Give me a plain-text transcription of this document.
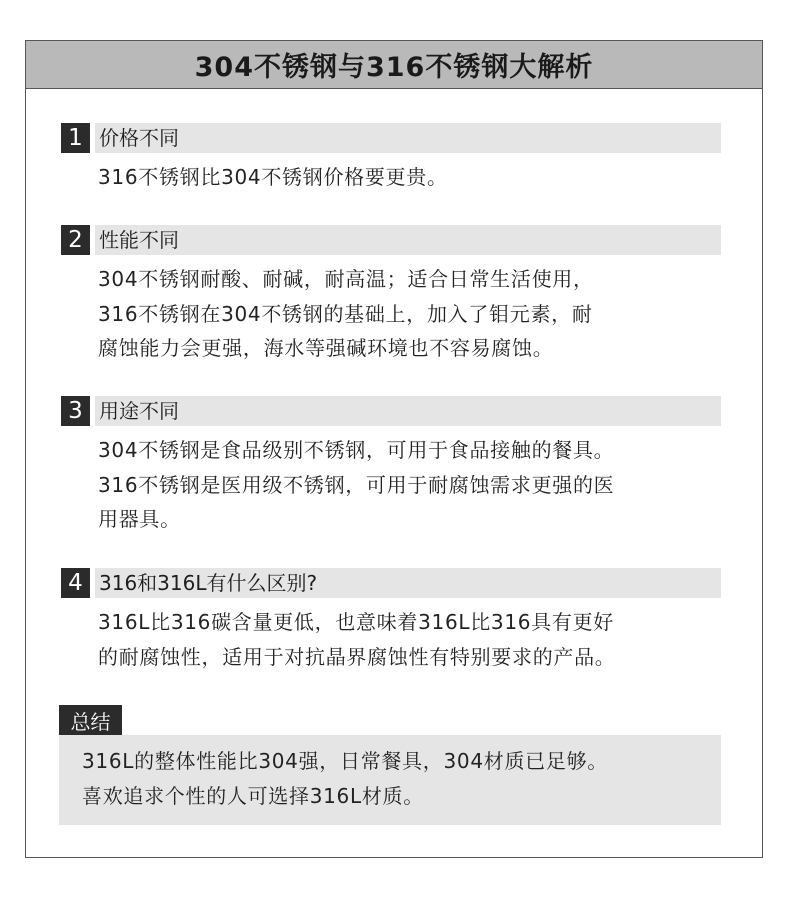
304不锈钢与316不锈钢大解析
1 价格不同
316不锈钢比304不锈钢价格要更贵。
2 性能不同
304不锈钢耐酸、耐碱，耐高温；适合日常生活使用，
316不锈钢在304不锈钢的基础上，加入了钼元素，耐
腐蚀能力会更强，海水等强碱环境也不容易腐蚀。
3 用途不同
304不锈钢是食品级别不锈钢，可用于食品接触的餐具。
316不锈钢是医用级不锈钢，可用于耐腐蚀需求更强的医
用器具。
4 316和316L有什么区别?
316L比316碳含量更低，也意味着316L比316具有更好
的耐腐蚀性，适用于对抗晶界腐蚀性有特别要求的产品。
总结
316L的整体性能比304强，日常餐具，304材质已足够。
喜欢追求个性的人可选择316L材质。
